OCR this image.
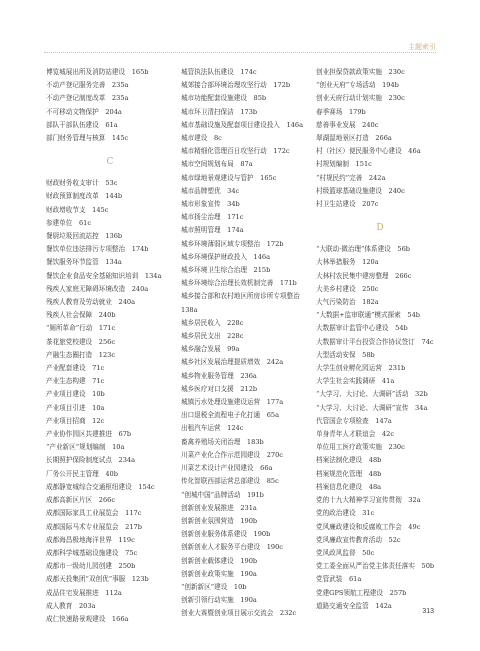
主题索引
博览城展出所及消防站建设　165b
不动产登记服务完善　235a
不动产登记制度改革　235a
不可移动文物保护　204a
部队干部队伍建设　61a
部门财务管理与核算　145c
C
财政财务收支审计　53c
财政预算制度改革　144b
财政增收节支　145c
参建单位　61c
餐厨垃圾回流站控　136b
餐饮单位违法排污专项整治　174b
餐饮服务环节监管　134a
餐饮企业食品安全基础知识培训　134a
残疾人家庭无障碍环境改造　240a
残疾人教育及劳动就业　240a
残疾人社会保障　240b
“厕所革命”行动　171c
茶花旅党校建设　256c
产融生态圈打造　123c
产业配套建设　71c
产业生态构建　71c
产业项目建设　10b
产业项目引进　10a
产业项目招商　12c
产业协作园区共建推进　67b
“产业新区”规划编制　10a
长期照护保险制度试点　234a
厂务公开民主管理　40b
成都静宽城综合交通枢纽建设　154c
成都高新区片区　266c
成都国际家具工业展览会　117c
成都国际马术专业展览会　217b
成都海昌极地海洋世界　119c
成都科学城基础设施建设　75c
成都市一级幼儿园创建　250b
成都天投集团“双创优”事服　123b
成品住宅发展推进　112a
成人教育　203a
成仁快速路景观建设　166a
城管执法队伍建设　174c
城郊接合部环境治理攻坚行动　172b
城市功能配套设施建设　85b
城市环卫清扫保洁　173b
城市基础设施及配套项目建设投入　146a
城市建设　8c
城市精细化管理百日攻坚行动　172c
城市空间规划布局　87a
城市绿地景观建设与管护　165c
城市品牌塑优　34c
城市形象宣传　34b
城市扬尘治理　171c
城市照明管理　174a
城乡环境薄弱区域专项整治　172b
城乡环境保护财政投入　146a
城乡环境卫生综合治理　215b
城乡环境综合治理长效机制完善　171b
城乡接合部和农村地区所房诊所专项整治　138a
城乡居民收入　228c
城乡居民支出　228c
城乡融合发展　99a
城乡社区发展治理提质增效　242a
城乡物业服务管理　236a
城乡医疗对口支援　212b
城镇污水处理设施建设运营　177a
出口退税全流程电子化打通　65a
出租汽车运营　124c
畜禽养殖场关闭治理　183b
川菜产业化合作示范园建设　270c
川菜艺术设计产业园建设　66a
传化智联西部运营总部建设　85c
“创城中国”品牌活动　191b
创新创业发展推进　231a
创新创业氛围营造　190b
创新创业服务体系建设　190b
创新创业人才服务平台建设　190c
创新创业载体建设　190b
创新创业政策实施　190a
“创新新区”建设　10b
创新引领行动实施　190a
创业大赛暨创业项目展示交流会　232c
创业担保贷款政策实施　230c
“创业天府”专场活动　194b
创业天府行动计划实施　230c
春季赛场　179b
慈善事业发展　240c
翠湖湿地景区打造　266a
村（社区）便民服务中心建设　46a
村规划编制　151c
“村规民约”完善　242a
村级篮球基础设施建设　240c
村卫生站建设　207c
D
“大联动·微治理”体系建设　56b
大林举措服务　120a
大林村农民集中建房整理　266c
大美乡村建设　250c
大气污染防治　182a
“大数据+监审联通”模式探索　54b
大数据审计监管中心建设　54b
大数据审计平台投资合作协议签订　74c
大型活动安保　58b
大学生创业孵化园运营　231b
大学生社会实践调研　41a
“大学习、大讨论、大调研”活动　32b
“大学习、大讨论、大调研”宣传　34a
代管国企专项检查　147a
单身青年人才联谊会　42c
单位用工医疗政策实施　230c
档案法制化建设　48b
档案规范化管理　48b
档案信息化建设　48a
党的十九大精神学习宣传贯彻　32a
党的政治建设　31c
党风廉政建设和反腐败工作会　49c
党风廉政宣传教育活动　52c
党风政风监督　50c
党工委全面从严治党主体责任落实　50b
党管武装　61a
党建GPS领航工程建设　257b
道路交通安全监管　142a
313
